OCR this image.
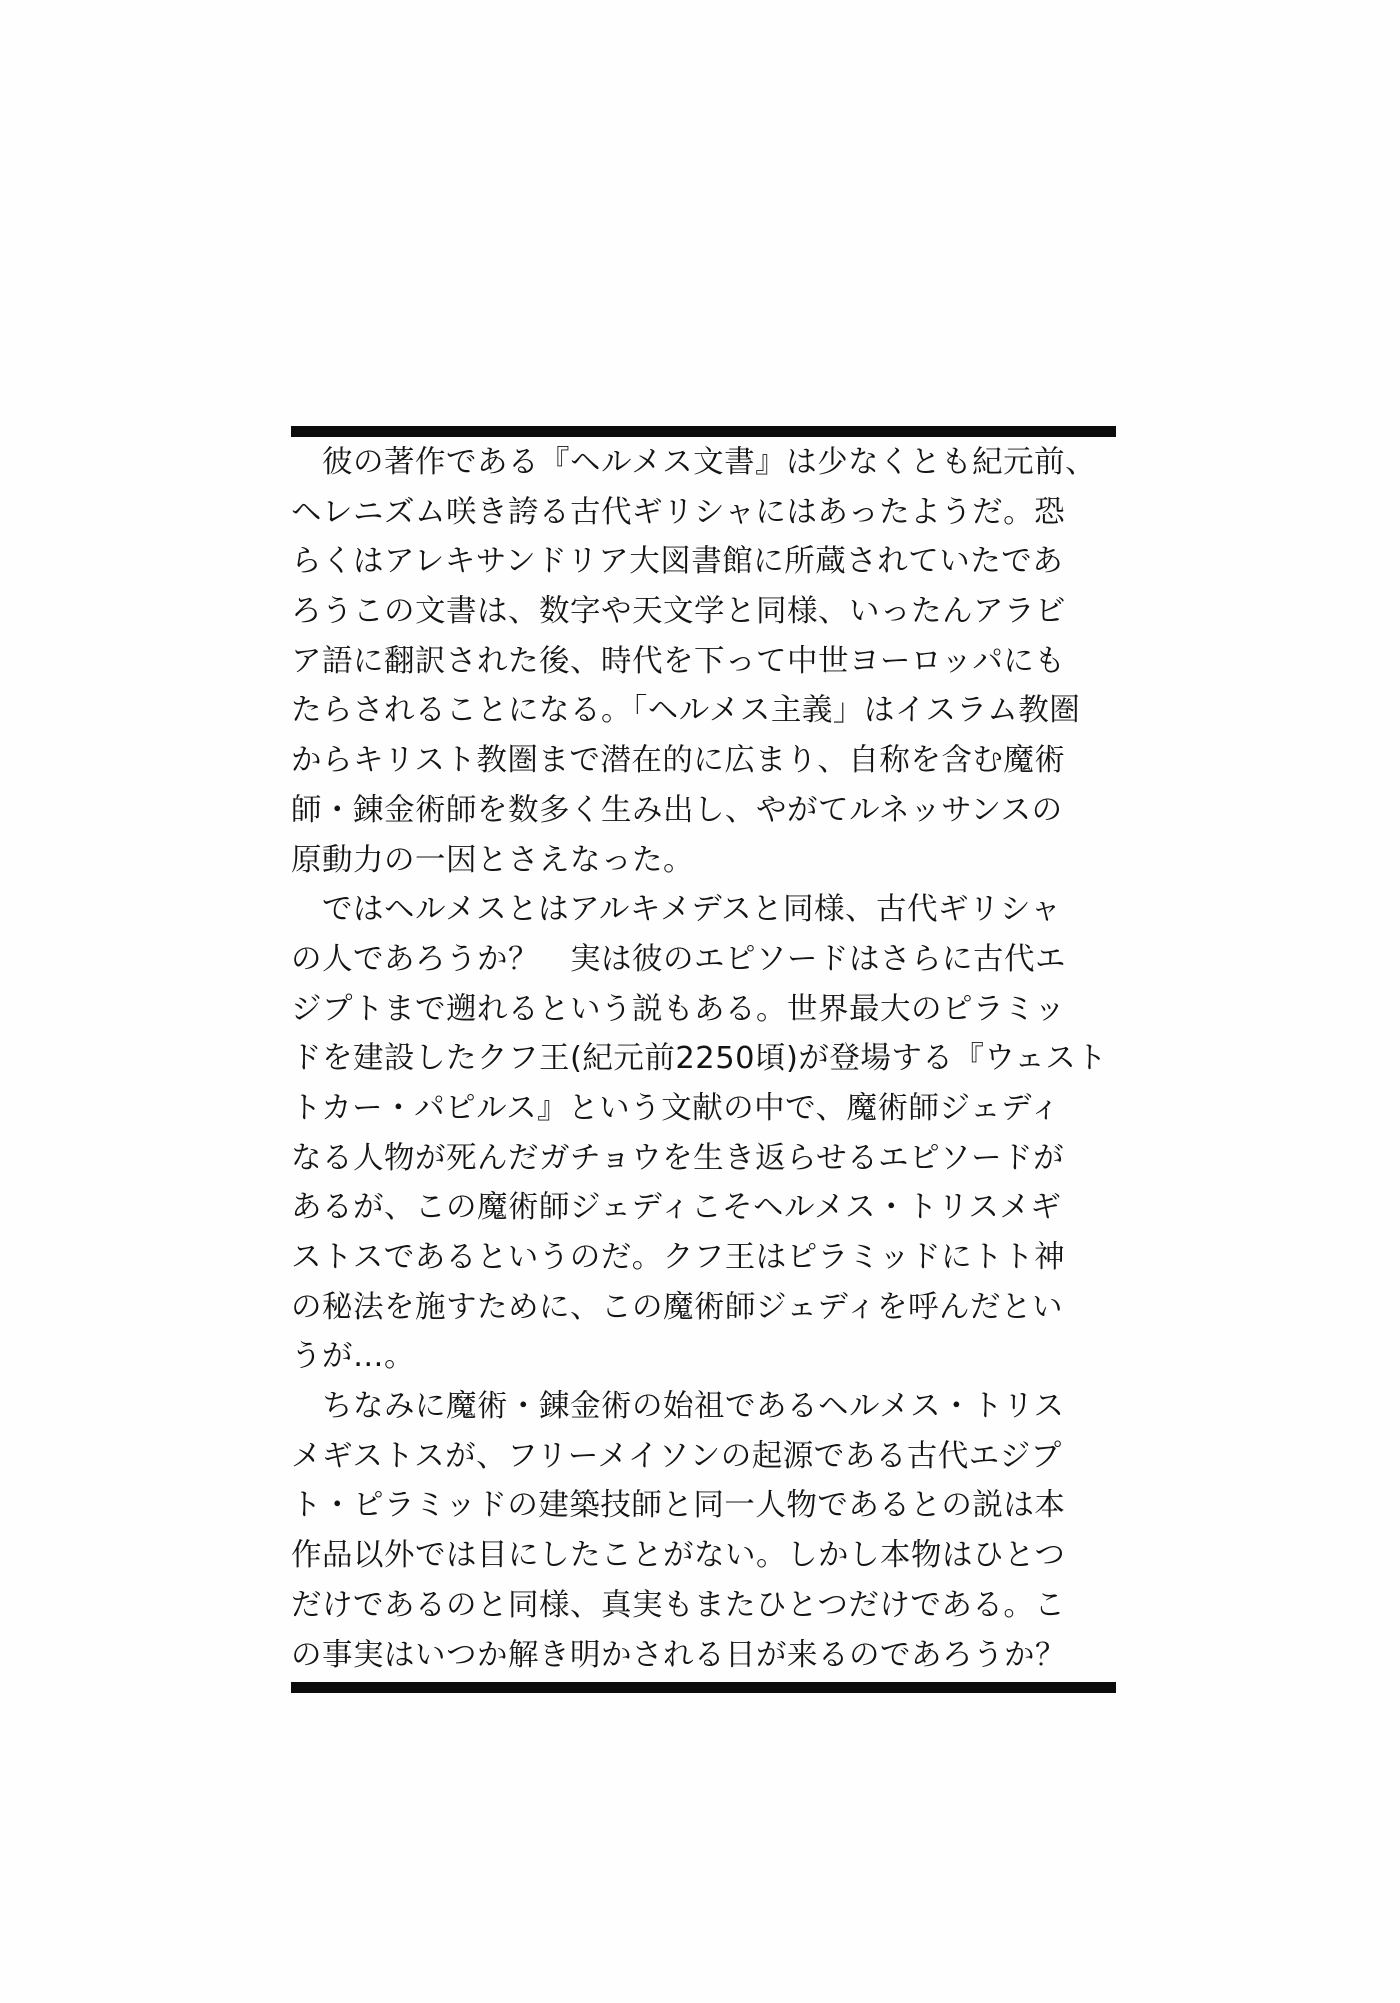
　彼の著作である『ヘルメス文書』は少なくとも紀元前、
ヘレニズム咲き誇る古代ギリシャにはあったようだ。恐
らくはアレキサンドリア大図書館に所蔵されていたであ
ろうこの文書は、数字や天文学と同様、いったんアラビ
ア語に翻訳された後、時代を下って中世ヨーロッパにも
たらされることになる。「ヘルメス主義」はイスラム教圏
からキリスト教圏まで潜在的に広まり、自称を含む魔術
師・錬金術師を数多く生み出し、やがてルネッサンスの
原動力の一因とさえなった。
　ではヘルメスとはアルキメデスと同様、古代ギリシャ
の人であろうか？　実は彼のエピソードはさらに古代エ
ジプトまで遡れるという説もある。世界最大のピラミッ
ドを建設したクフ王(紀元前2250頃)が登場する『ウェスト
トカー・パピルス』という文献の中で、魔術師ジェディ
なる人物が死んだガチョウを生き返らせるエピソードが
あるが、この魔術師ジェディこそヘルメス・トリスメギ
ストスであるというのだ。クフ王はピラミッドにトト神
の秘法を施すために、この魔術師ジェディを呼んだとい
うが…。
　ちなみに魔術・錬金術の始祖であるヘルメス・トリス
メギストスが、フリーメイソンの起源である古代エジプ
ト・ピラミッドの建築技師と同一人物であるとの説は本
作品以外では目にしたことがない。しかし本物はひとつ
だけであるのと同様、真実もまたひとつだけである。こ
の事実はいつか解き明かされる日が来るのであろうか？
